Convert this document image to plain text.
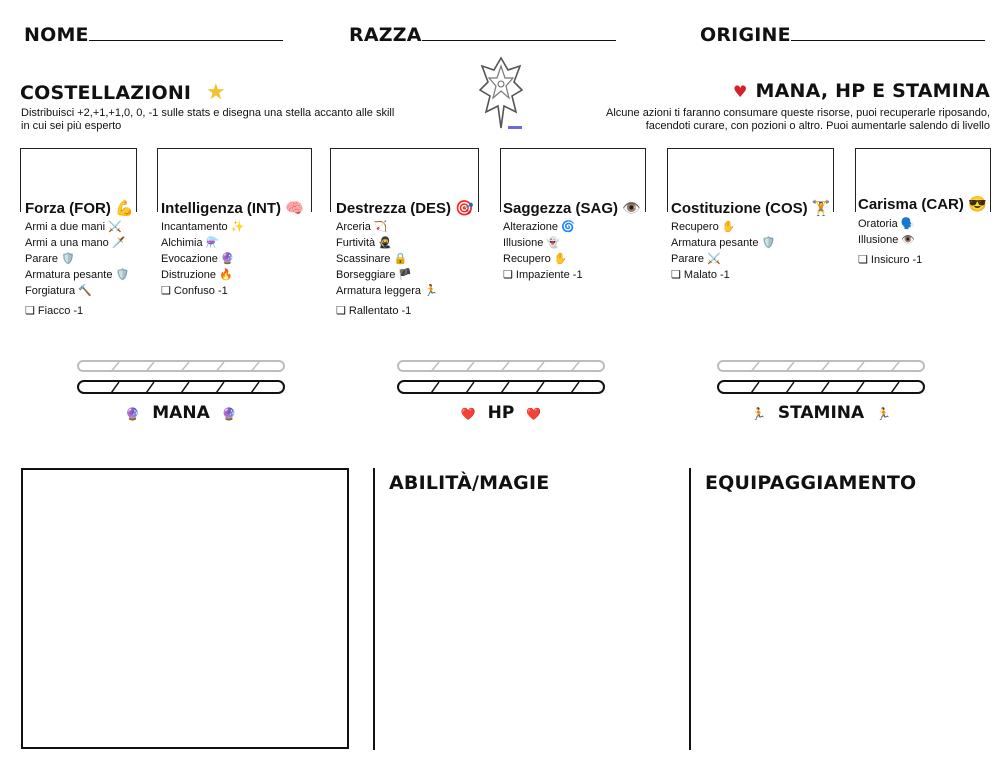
NOME	RAZZA	ORIGINE
COSTELLAZIONI ★
Distribuisci +2,+1,+1,0, 0, -1 sulle stats e disegna una stella accanto alle skill
in cui sei più esperto
♥ MANA, HP E STAMINA
Alcune azioni ti faranno consumare queste risorse, puoi recuperarle riposando,
facendoti curare, con pozioni o altro. Puoi aumentarle salendo di livello
Forza (FOR) 💪 Intelligenza (INT) 🧠 Destrezza (DES) 🎯 Saggezza (SAG) 👁️ Costituzione (COS) 🏋️ Carisma (CAR) 😎
Armi a due mani ⚔️
Armi a una mano 🗡️
Parare 🛡️
Armatura pesante 🛡️
Forgiatura 🔨
❏ Fiacco -1
Incantamento ✨
Alchimia ⚗️
Evocazione 🔮
Distruzione 🔥
❏ Confuso -1
Arceria 🏹
Furtività 🥷
Scassinare 🔒
Borseggiare 🏴
Armatura leggera 🏃
❏ Rallentato -1
Alterazione 🌀
Illusione 👻
Recupero ✋
❏ Impaziente -1
Recupero ✋
Armatura pesante 🛡️
Parare ⚔️
❏ Malato -1
Oratoria 🗣️
Illusione 👁️
❏ Insicuro -1
🔮 MANA 🔮	❤️ HP ❤️	🏃 STAMINA 🏃
ABILITÀ/MAGIE	EQUIPAGGIAMENTO
